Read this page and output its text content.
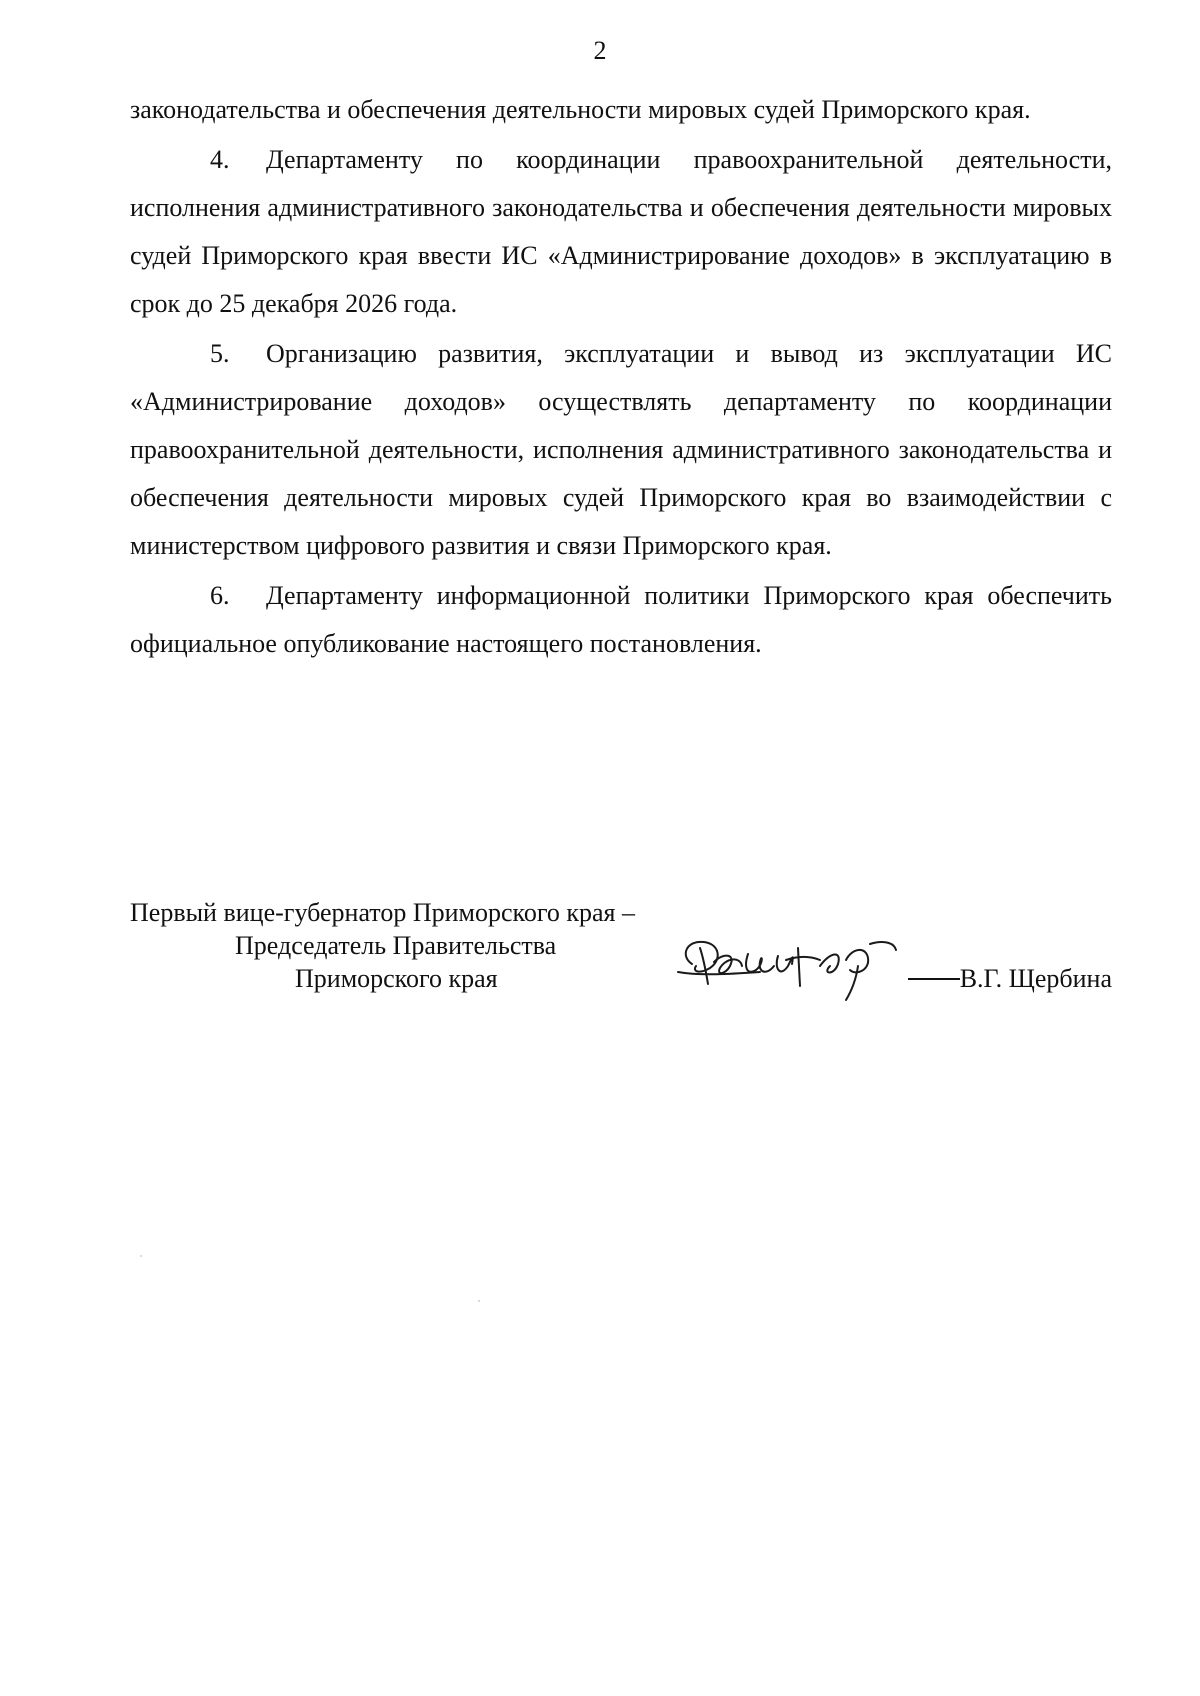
2

законодательства и обеспечения деятельности мировых судей Приморского края.

4. Департаменту по координации правоохранительной деятельности, исполнения административного законодательства и обеспечения деятельности мировых судей Приморского края ввести ИС «Администрирование доходов» в эксплуатацию в срок до 25 декабря 2026 года.

5. Организацию развития, эксплуатации и вывод из эксплуатации ИС «Администрирование доходов» осуществлять департаменту по координации правоохранительной деятельности, исполнения административного законодательства и обеспечения деятельности мировых судей Приморского края во взаимодействии с министерством цифрового развития и связи Приморского края.

6. Департаменту информационной политики Приморского края обеспечить официальное опубликование настоящего постановления.

Первый вице-губернатор Приморского края –
Председатель Правительства
Приморского края	В.Г. Щербина
